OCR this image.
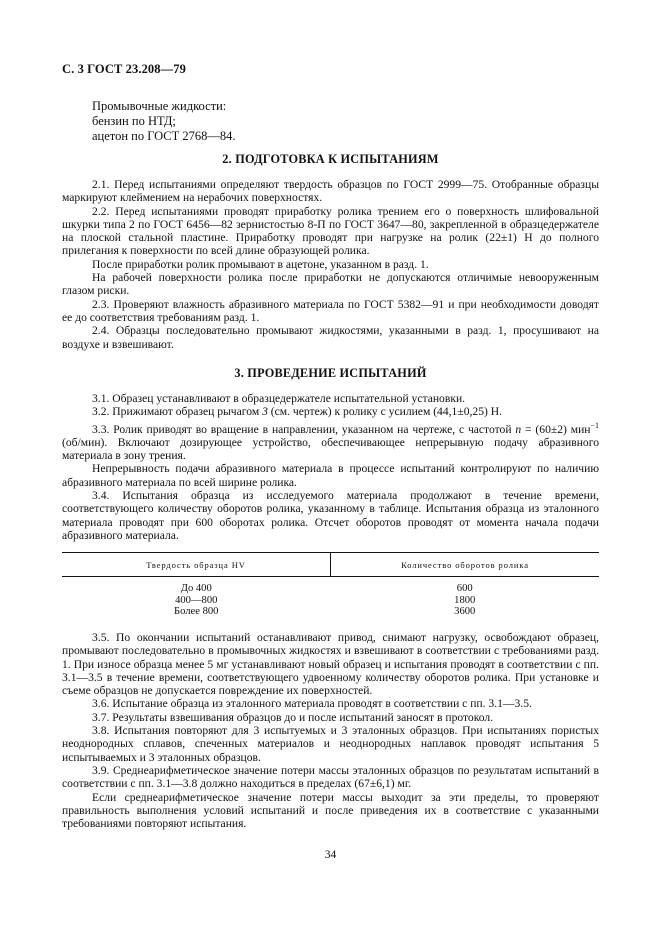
С. 3 ГОСТ 23.208—79
Промывочные жидкости:
бензин по НТД;
ацетон по ГОСТ 2768—84.
2. ПОДГОТОВКА К ИСПЫТАНИЯМ

2.1. Перед испытаниями определяют твердость образцов по ГОСТ 2999—75. Отобранные образцы маркируют клеймением на нерабочих поверхностях.

2.2. Перед испытаниями проводят приработку ролика трением его о поверхность шлифовальной шкурки типа 2 по ГОСТ 6456—82 зернистостью 8-П по ГОСТ 3647—80, закрепленной в образцедержателе на плоской стальной пластине. Приработку проводят при нагрузке на ролик (22±1) Н до полного прилегания к поверхности по всей длине образующей ролика.

После приработки ролик промывают в ацетоне, указанном в разд. 1.

На рабочей поверхности ролика после приработки не допускаются отличимые невооруженным глазом риски.

2.3. Проверяют влажность абразивного материала по ГОСТ 5382—91 и при необходимости доводят ее до соответствия требованиям разд. 1.

2.4. Образцы последовательно промывают жидкостями, указанными в разд. 1, просушивают на воздухе и взвешивают.

3. ПРОВЕДЕНИЕ ИСПЫТАНИЙ

3.1. Образец устанавливают в образцедержателе испытательной установки.

3.2. Прижимают образец рычагом 3 (см. чертеж) к ролику с усилием (44,1±0,25) Н.

3.3. Ролик приводят во вращение в направлении, указанном на чертеже, с частотой n = (60±2) мин$^{-1}$ (об/мин). Включают дозирующее устройство, обеспечивающее непрерывную подачу абразивного материала в зону трения.

Непрерывность подачи абразивного материала в процессе испытаний контролируют по наличию абразивного материала по всей ширине ролика.

3.4. Испытания образца из исследуемого материала продолжают в течение времени, соответствующего количеству оборотов ролика, указанному в таблице. Испытания образца из эталонного материала проводят при 600 оборотах ролика. Отсчет оборотов проводят от момента начала подачи абразивного материала.

Твердость образца HV	Количество оборотов ролика
До 400	600
400—800	1800
Более 800	3600

3.5. По окончании испытаний останавливают привод, снимают нагрузку, освобождают образец, промывают последовательно в промывочных жидкостях и взвешивают в соответствии с требованиями разд. 1. При износе образца менее 5 мг устанавливают новый образец и испытания проводят в соответствии с пп. 3.1—3.5 в течение времени, соответствующего удвоенному количеству оборотов ролика. При установке и съеме образцов не допускается повреждение их поверхностей.

3.6. Испытание образца из эталонного материала проводят в соответствии с пп. 3.1—3.5.

3.7. Результаты взвешивания образцов до и после испытаний заносят в протокол.

3.8. Испытания повторяют для 3 испытуемых и 3 эталонных образцов. При испытаниях пористых неоднородных сплавов, спеченных материалов и неоднородных наплавок проводят испытания 5 испытываемых и 3 эталонных образцов.

3.9. Среднеарифметическое значение потери массы эталонных образцов по результатам испытаний в соответствии с пп. 3.1—3.8 должно находиться в пределах (67±6,1) мг.

Если среднеарифметическое значение потери массы выходит за эти пределы, то проверяют правильность выполнения условий испытаний и после приведения их в соответствие с указанными требованиями повторяют испытания.

34
